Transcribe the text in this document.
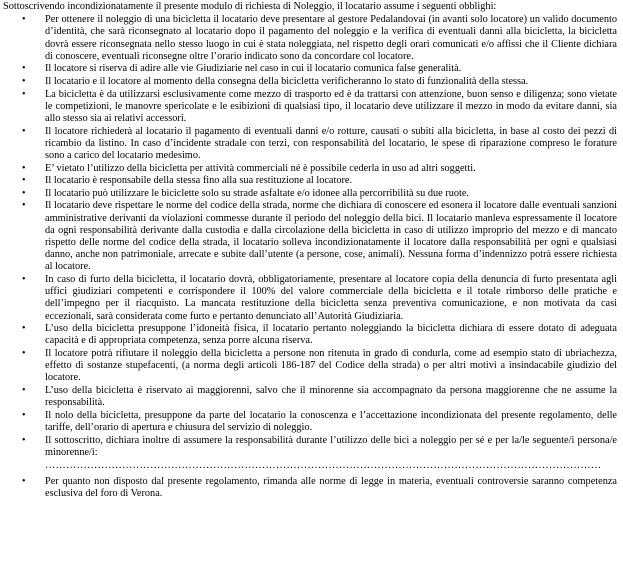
Sottoscrivendo incondizionatamente il presente modulo di richiesta di Noleggio, il locatario assume i seguenti obblighi:
• Per ottenere il noleggio di una bicicletta il locatario deve presentare al gestore Pedalandovai (in avanti solo locatore) un valido documento d’identità, che sarà riconsegnato al locatario dopo il pagamento del noleggio e la verifica di eventuali danni alla bicicletta, la bicicletta dovrà essere riconsegnata nello stesso luogo in cui è stata noleggiata, nel rispetto degli orari comunicati e/o affissi che il Cliente dichiara di conoscere, eventuali riconsegne oltre l’orario indicato sono da concordare col locatore.
• Il locatore si riserva di adire alle vie Giudiziarie nel caso in cui il locatario comunica false generalità.
• Il locatario e il locatore al momento della consegna della bicicletta verificheranno lo stato di funzionalità della stessa.
• La bicicletta è da utilizzarsi esclusivamente come mezzo di trasporto ed è da trattarsi con attenzione, buon senso e diligenza; sono vietate le competizioni, le manovre spericolate e le esibizioni di qualsiasi tipo, il locatario deve utilizzare il mezzo in modo da evitare danni, sia allo stesso sia ai relativi accessori.
• Il locatore richiederà al locatario il pagamento di eventuali danni e/o rotture, causati o subiti alla bicicletta, in base al costo dei pezzi di ricambio da listino. In caso d’incidente stradale con terzi, con responsabilità del locatario, le spese di riparazione compreso le forature sono a carico del locatario medesimo.
• E’ vietato l’utilizzo della bicicletta per attività commerciali né è possibile cederla in uso ad altri soggetti.
• Il locatario è responsabile della stessa fino alla sua restituzione al locatore.
• Il locatario può utilizzare le biciclette solo su strade asfaltate e/o idonee alla percorribilità su due ruote.
• Il locatario deve rispettare le norme del codice della strada, norme che dichiara di conoscere ed esonera il locatore dalle eventuali sanzioni amministrative derivanti da violazioni commesse durante il periodo del noleggio della bici. Il locatario manleva espressamente il locatore da ogni responsabilità derivante dalla custodia e dalla circolazione della bicicletta in caso di utilizzo improprio del mezzo e di mancato rispetto delle norme del codice della strada, il locatario solleva incondizionatamente il locatore dalla responsabilità per ogni e qualsiasi danno, anche non patrimoniale, arrecate e subite dall’utente (a persone, cose, animali). Nessuna forma d’indennizzo potrà essere richiesta al locatore.
• In caso di furto della bicicletta, il locatario dovrà, obbligatoriamente, presentare al locatore copia della denuncia di furto presentata agli uffici giudiziari competenti e corrispondere il 100% del valore commerciale della bicicletta e il totale rimborso delle pratiche e dell’impegno per il riacquisto. La mancata restituzione della bicicletta senza preventiva comunicazione, e non motivata da casi eccezionali, sarà considerata come furto e pertanto denunciato all’Autorità Giudiziaria.
• L’uso della bicicletta presuppone l’idoneità fisica, il locatario pertanto noleggiando la bicicletta dichiara di essere dotato di adeguata capacità e di appropriata competenza, senza porre alcuna riserva.
• Il locatore potrà rifiutare il noleggio della bicicletta a persone non ritenuta in grado di condurla, come ad esempio stato di ubriachezza, effetto di sostanze stupefacenti, (a norma degli articoli 186-187 del Codice della strada) o per altri motivi a insindacabile giudizio del locatore.
• L’uso della bicicletta è riservato ai maggiorenni, salvo che il minorenne sia accompagnato da persona maggiorenne che ne assume la responsabilità.
• Il nolo della bicicletta, presuppone da parte del locatario la conoscenza e l’accettazione incondizionata del presente regolamento, delle tariffe, dell’orario di apertura e chiusura del servizio di noleggio.
• Il sottoscritto, dichiara inoltre di assumere la responsabilità durante l’utilizzo delle bici a noleggio per sé e per la/le seguente/i persona/e minorenne/i:
……………………………………………………………………………………………………………………………………………
• Per quanto non disposto dal presente regolamento, rimanda alle norme di legge in materia, eventuali controversie saranno competenza esclusiva del foro di Verona.
